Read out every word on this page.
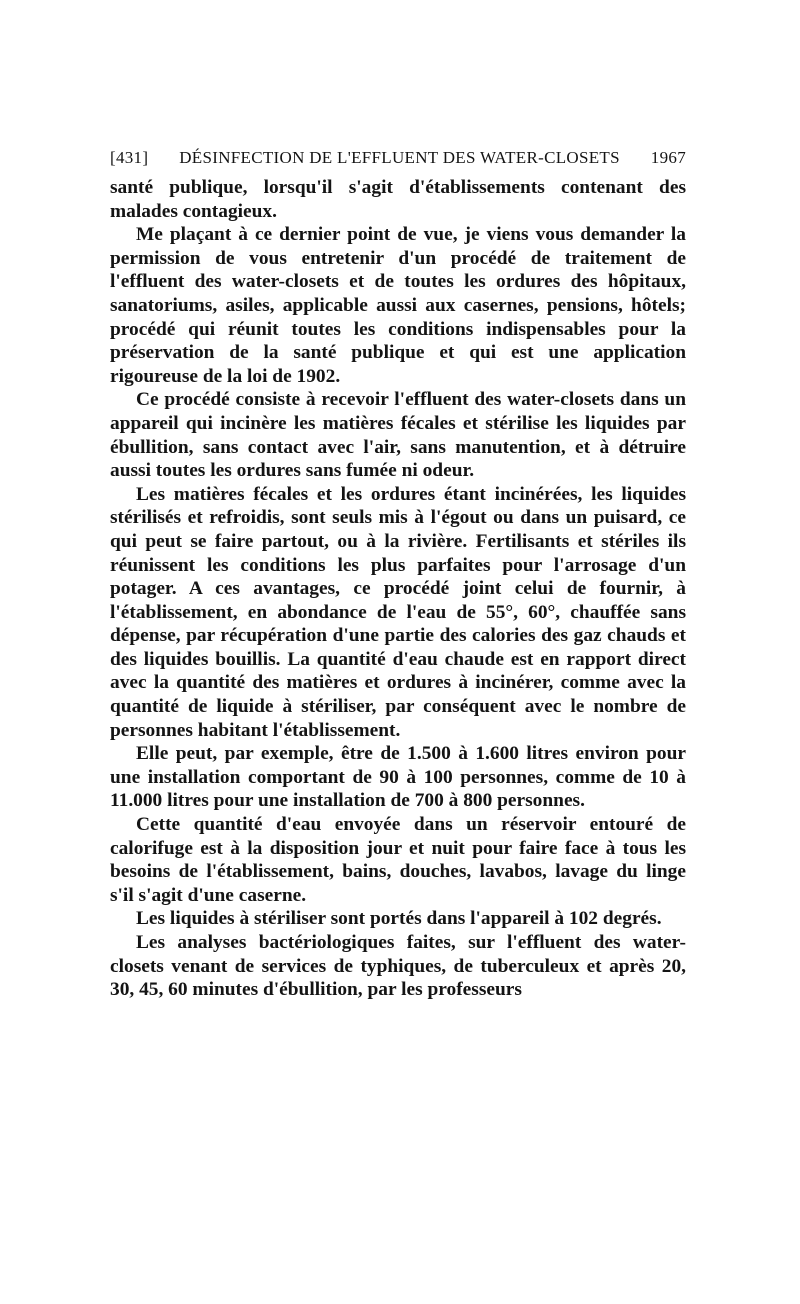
[431]	DÉSINFECTION DE L'EFFLUENT DES WATER-CLOSETS	1967

santé publique, lorsqu'il s'agit d'établissements contenant des malades contagieux.

Me plaçant à ce dernier point de vue, je viens vous demander la permission de vous entretenir d'un procédé de traitement de l'effluent des water-closets et de toutes les ordures des hôpitaux, sanatoriums, asiles, applicable aussi aux casernes, pensions, hôtels; procédé qui réunit toutes les conditions indispensables pour la préservation de la santé publique et qui est une application rigoureuse de la loi de 1902.

Ce procédé consiste à recevoir l'effluent des water-closets dans un appareil qui incinère les matières fécales et stérilise les liquides par ébullition, sans contact avec l'air, sans manutention, et à détruire aussi toutes les ordures sans fumée ni odeur.

Les matières fécales et les ordures étant incinérées, les liquides stérilisés et refroidis, sont seuls mis à l'égout ou dans un puisard, ce qui peut se faire partout, ou à la rivière. Fertilisants et stériles ils réunissent les conditions les plus parfaites pour l'arrosage d'un potager. A ces avantages, ce procédé joint celui de fournir, à l'établissement, en abondance de l'eau de 55°, 60°, chauffée sans dépense, par récupération d'une partie des calories des gaz chauds et des liquides bouillis. La quantité d'eau chaude est en rapport direct avec la quantité des matières et ordures à incinérer, comme avec la quantité de liquide à stériliser, par conséquent avec le nombre de personnes habitant l'établissement.

Elle peut, par exemple, être de 1.500 à 1.600 litres environ pour une installation comportant de 90 à 100 personnes, comme de 10 à 11.000 litres pour une installation de 700 à 800 personnes.

Cette quantité d'eau envoyée dans un réservoir entouré de calorifuge est à la disposition jour et nuit pour faire face à tous les besoins de l'établissement, bains, douches, lavabos, lavage du linge s'il s'agit d'une caserne.

Les liquides à stériliser sont portés dans l'appareil à 102 degrés.

Les analyses bactériologiques faites, sur l'effluent des water-closets venant de services de typhiques, de tuberculeux et après 20, 30, 45, 60 minutes d'ébullition, par les professeurs
